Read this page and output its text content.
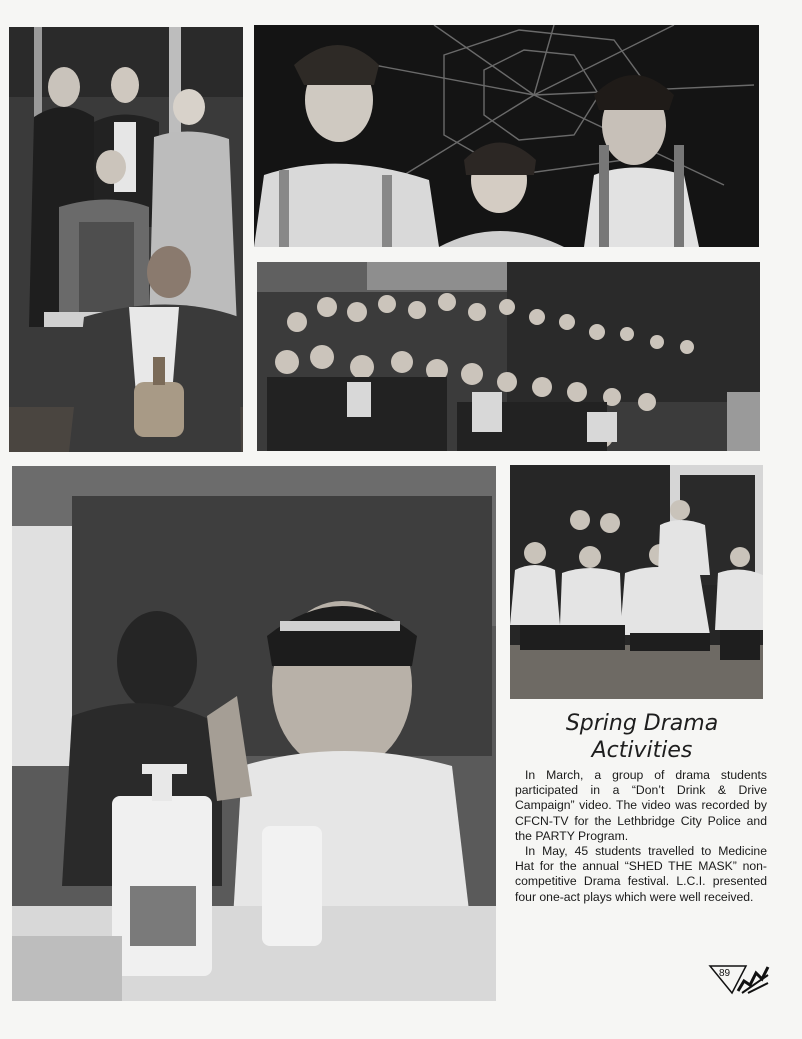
Spring Drama
Activities

In March, a group of drama students participated in a “Don’t Drink & Drive Campaign” video. The video was recorded by CFCN-TV for the Lethbridge City Police and the PARTY Program.

In May, 45 students travelled to Medicine Hat for the annual “SHED THE MASK” non-competitive Drama festival. L.C.I. presented four one-act plays which were well received.

89
